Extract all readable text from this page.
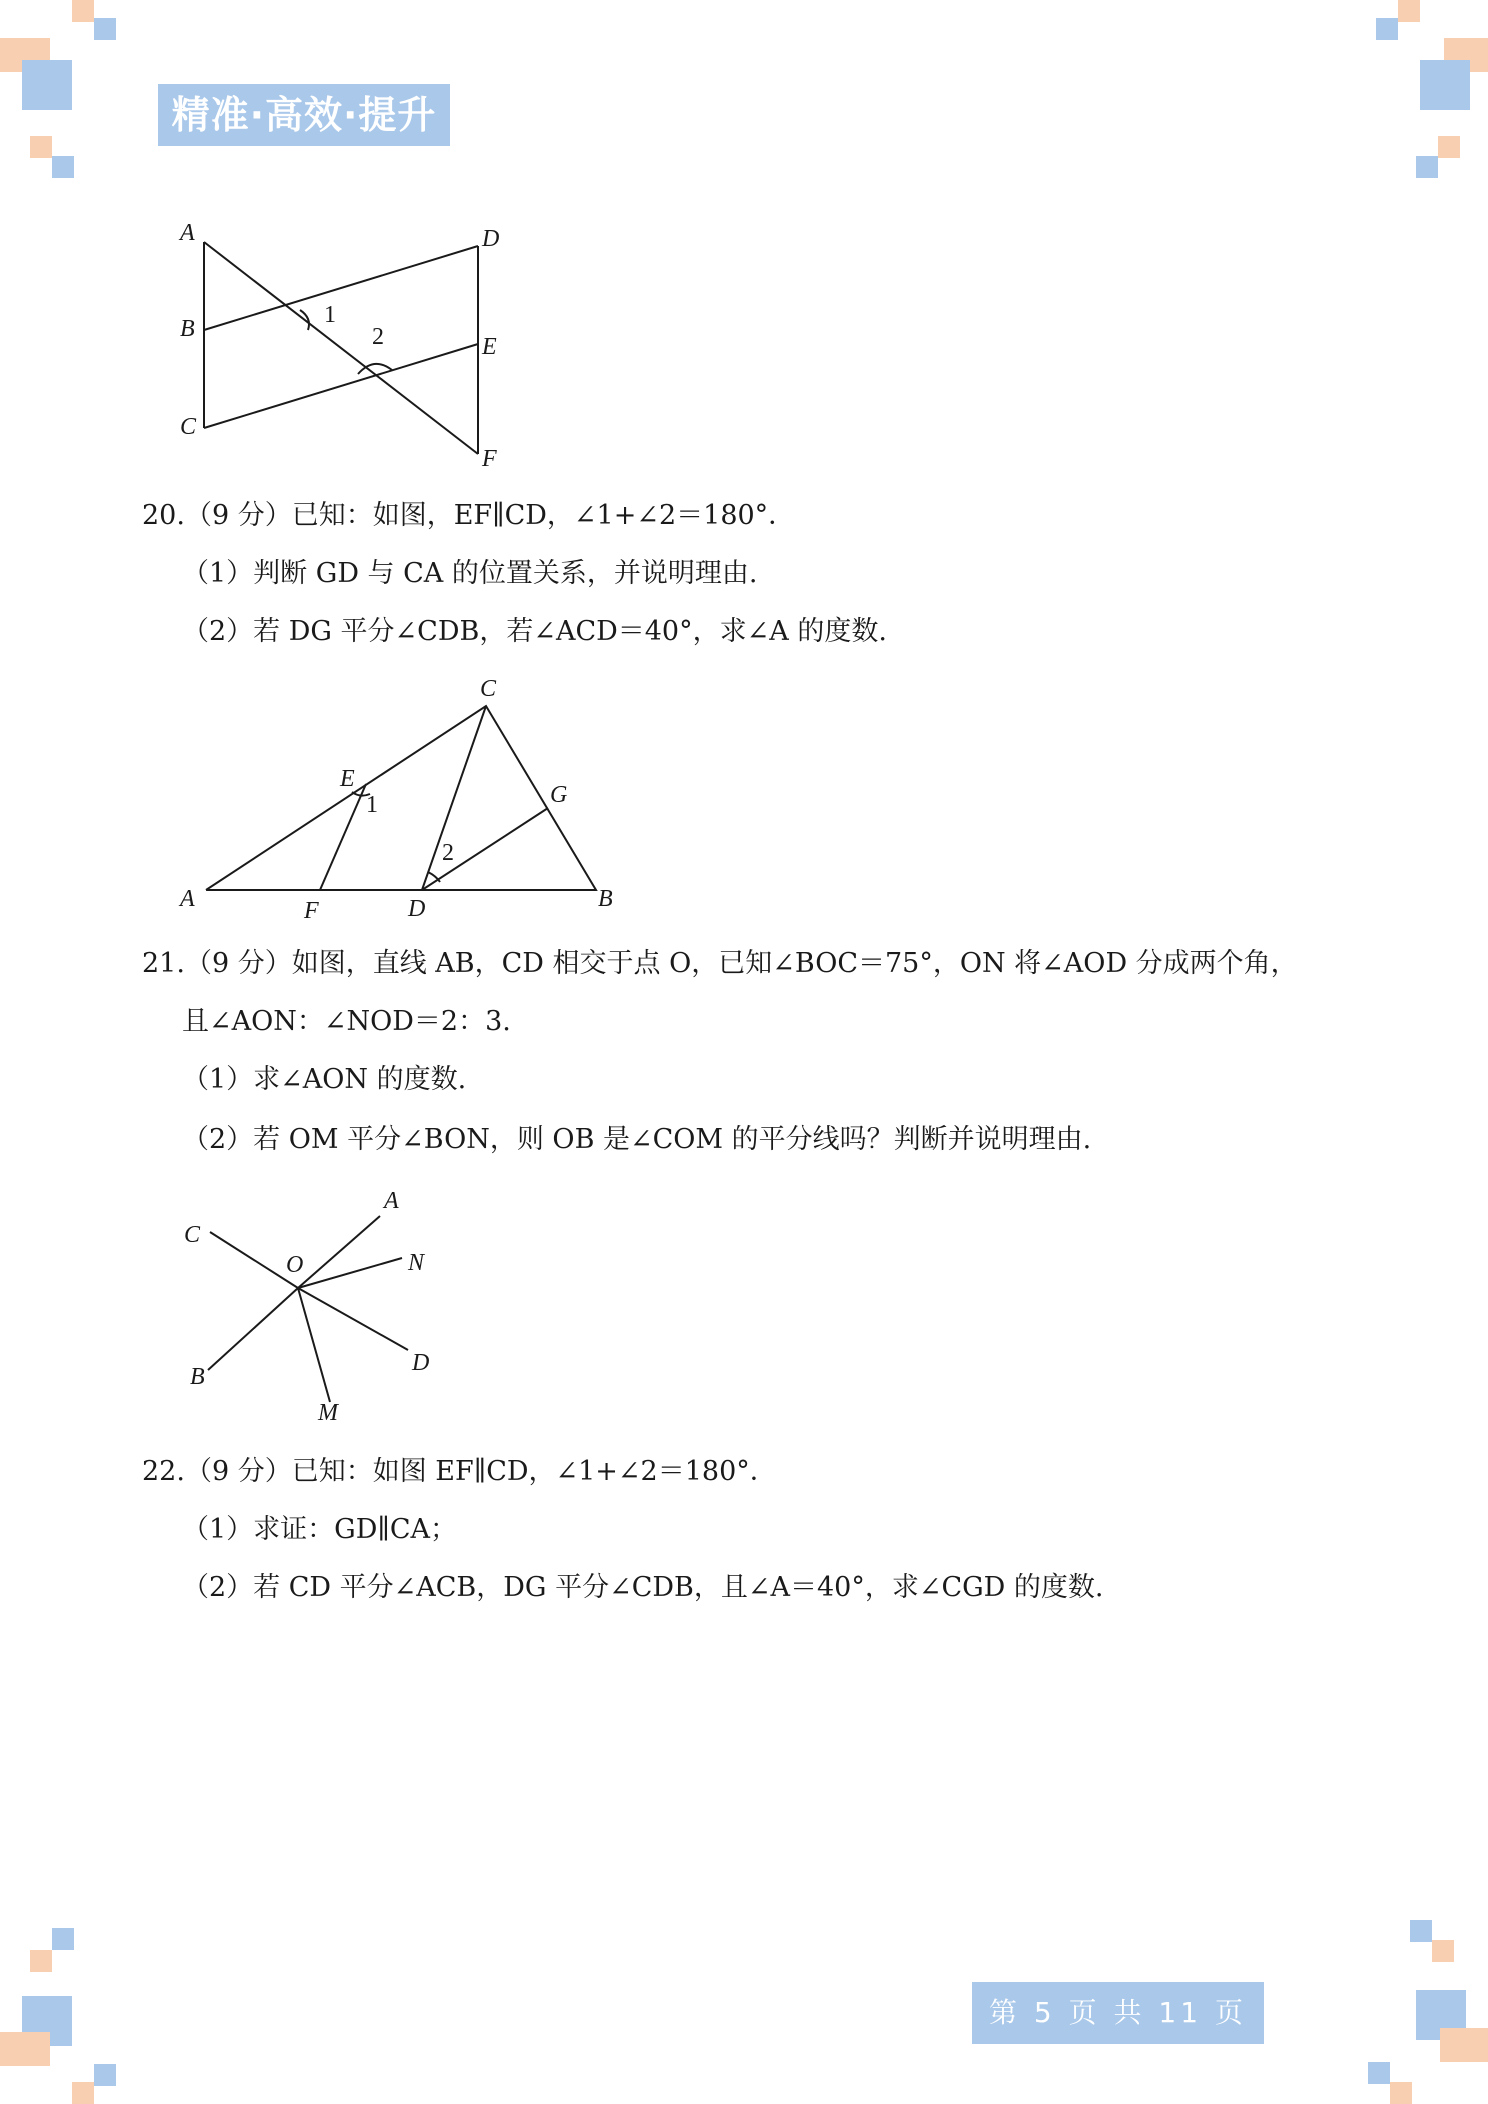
精准·高效·提升
A
B
C
D
E
F
1
2
20.（9 分）已知：如图，EF∥CD，∠1+∠2＝180°．
（1）判断 GD 与 CA 的位置关系，并说明理由.
（2）若 DG 平分∠CDB，若∠ACD＝40°，求∠A 的度数.
C
E
1	G
2
A	F	D	B
21.（9 分）如图，直线 AB，CD 相交于点 O，已知∠BOC＝75°，ON 将∠AOD 分成两个角，
且∠AON：∠NOD＝2：3.
（1）求∠AON 的度数.
（2）若 OM 平分∠BON，则 OB 是∠COM 的平分线吗？判断并说明理由.
A
C
O	N
D
B
M
22.（9 分）已知：如图 EF∥CD，∠1+∠2＝180°．
（1）求证：GD∥CA；
（2）若 CD 平分∠ACB，DG 平分∠CDB，且∠A＝40°，求∠CGD 的度数.
第 5 页 共 11 页
